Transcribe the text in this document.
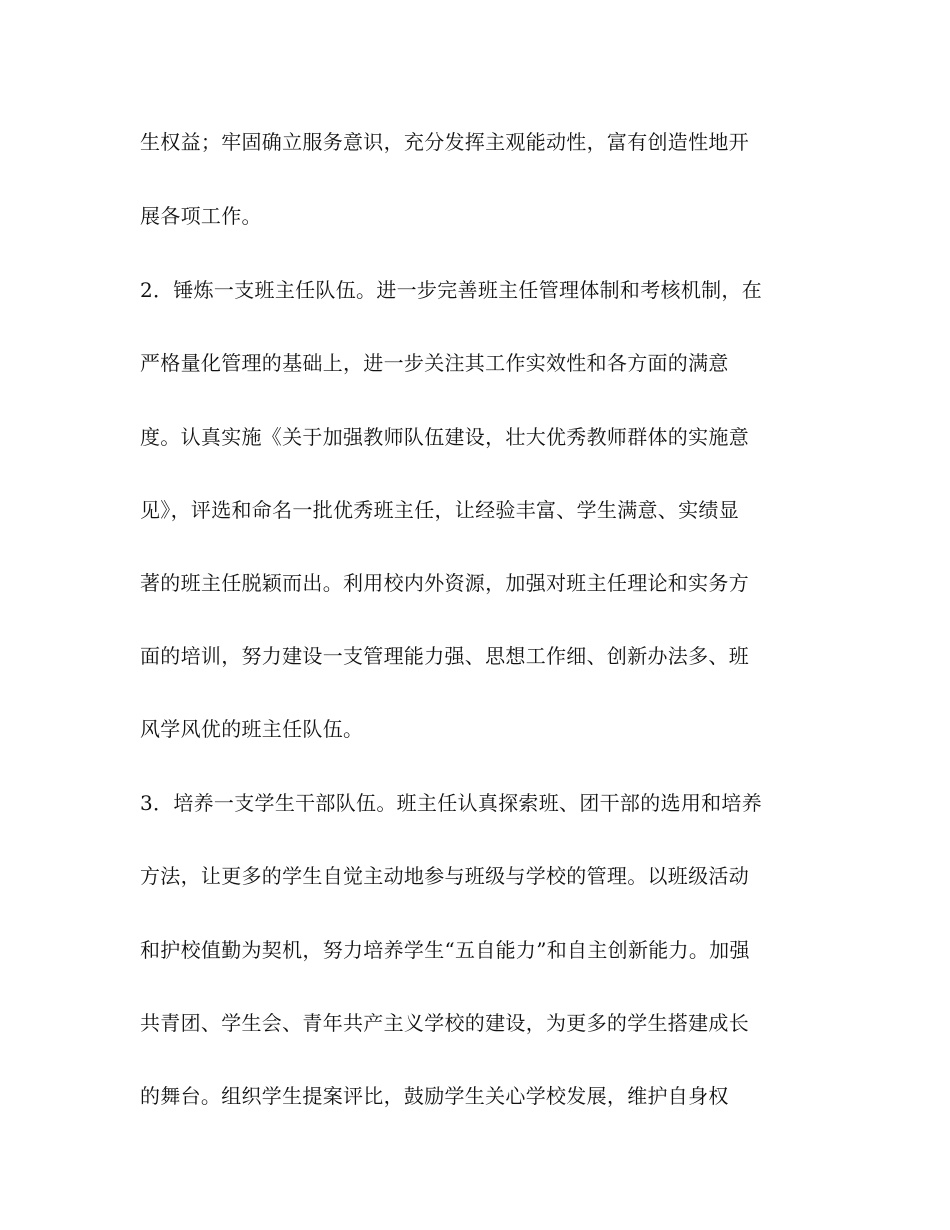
生权益；牢固确立服务意识，充分发挥主观能动性，富有创造性地开
展各项工作。
2．锤炼一支班主任队伍。进一步完善班主任管理体制和考核机制，在
严格量化管理的基础上，进一步关注其工作实效性和各方面的满意
度。认真实施《关于加强教师队伍建设，壮大优秀教师群体的实施意
见》，评选和命名一批优秀班主任，让经验丰富、学生满意、实绩显
著的班主任脱颖而出。利用校内外资源，加强对班主任理论和实务方
面的培训，努力建设一支管理能力强、思想工作细、创新办法多、班
风学风优的班主任队伍。
3．培养一支学生干部队伍。班主任认真探索班、团干部的选用和培养
方法，让更多的学生自觉主动地参与班级与学校的管理。以班级活动
和护校值勤为契机，努力培养学生“五自能力”和自主创新能力。加强
共青团、学生会、青年共产主义学校的建设，为更多的学生搭建成长
的舞台。组织学生提案评比，鼓励学生关心学校发展，维护自身权
